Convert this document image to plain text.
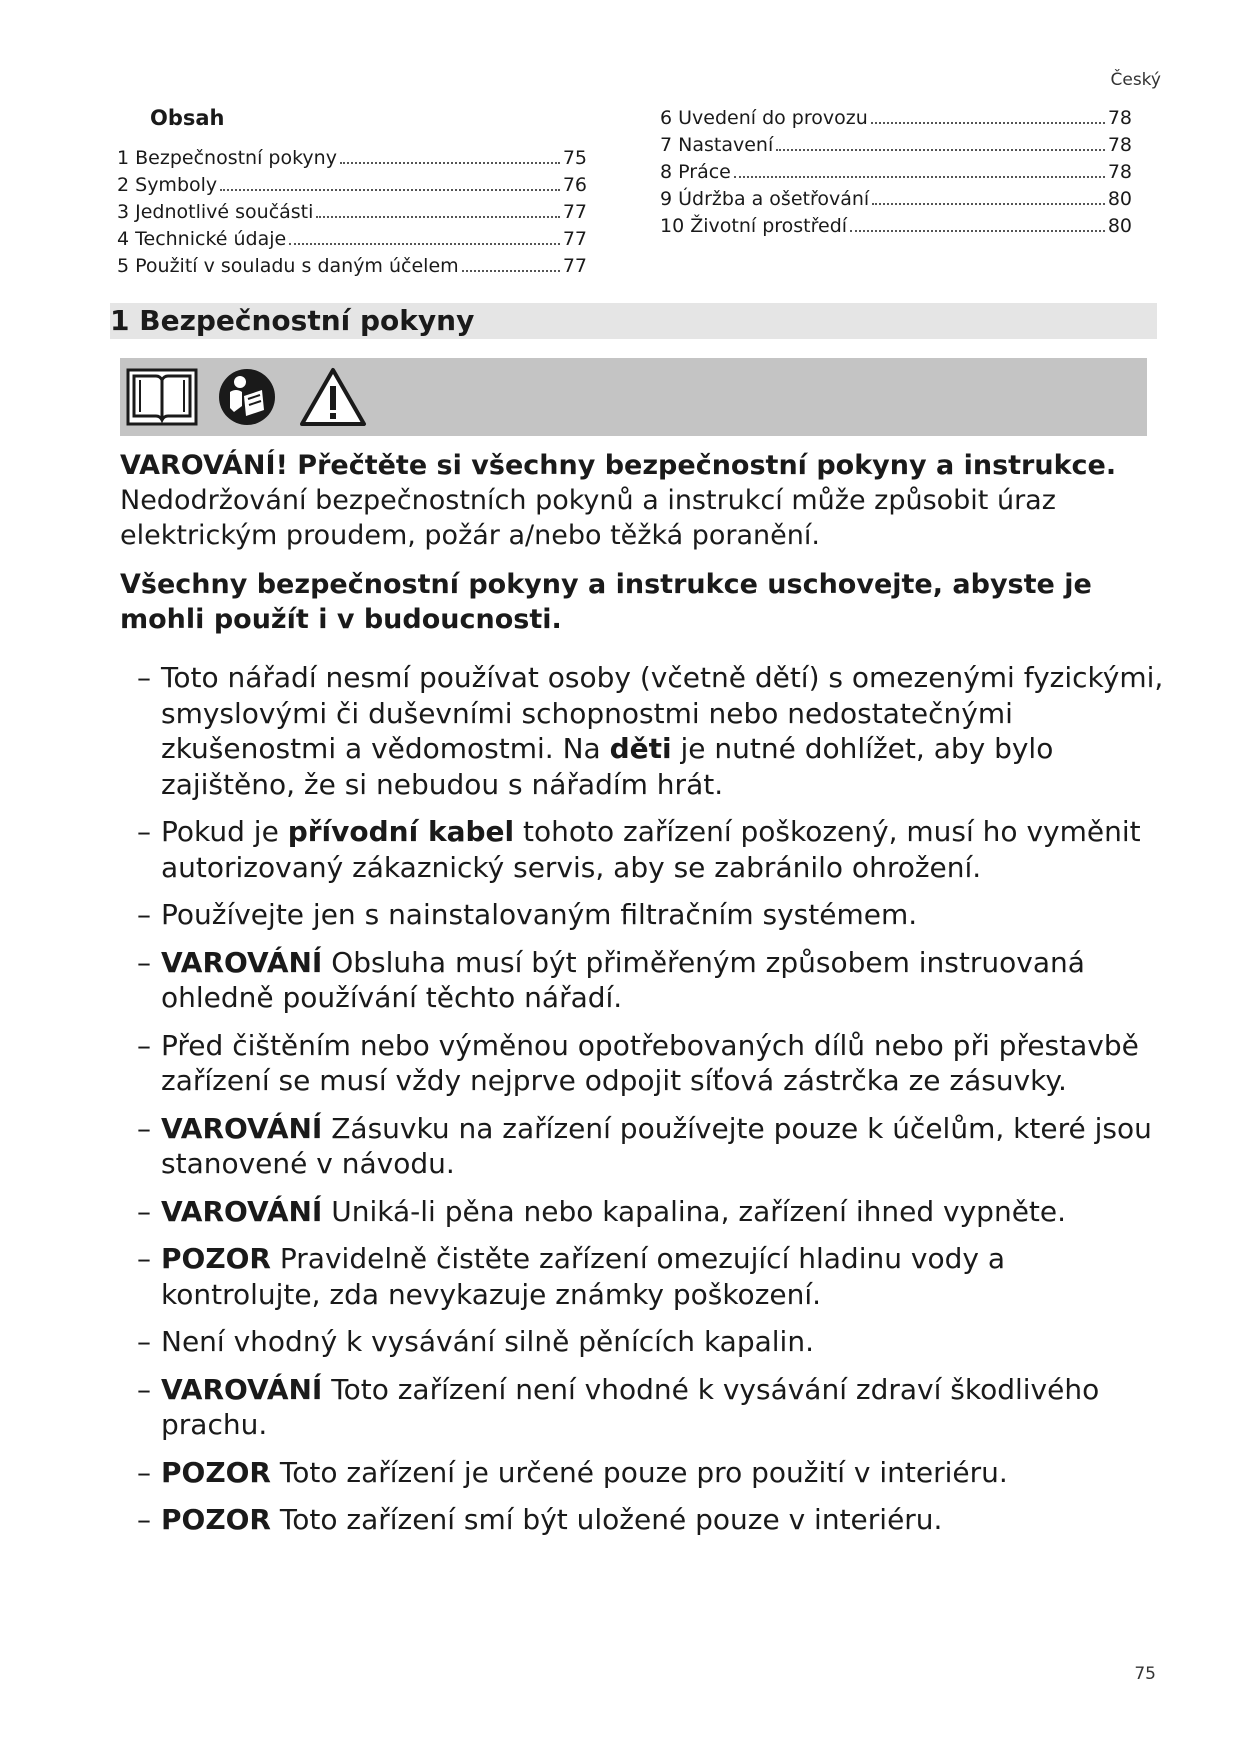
Český
Obsah
1 Bezpečnostní pokyny	75
2 Symboly	76
3 Jednotlivé součásti	77
4 Technické údaje	77
5 Použití v souladu s daným účelem	77
6 Uvedení do provozu	78
7 Nastavení	78
8 Práce	78
9 Údržba a ošetřování	80
10 Životní prostředí	80
1 Bezpečnostní pokyny

VAROVÁNÍ! Přečtěte si všechny bezpečnostní pokyny a instrukce. Nedodržování bezpečnostních pokynů a instrukcí může způsobit úraz elektrickým proudem, požár a/nebo těžká poranění.

Všechny bezpečnostní pokyny a instrukce uschovejte, abyste je mohli použít i v budoucnosti.

– Toto nářadí nesmí používat osoby (včetně dětí) s omezenými fyzickými, smyslovými či duševními schopnostmi nebo nedostatečnými zkušenostmi a vědomostmi. Na děti je nutné dohlížet, aby bylo zajištěno, že si nebudou s nářadím hrát.
– Pokud je přívodní kabel tohoto zařízení poškozený, musí ho vyměnit autorizovaný zákaznický servis, aby se zabránilo ohrožení.
– Používejte jen s nainstalovaným filtračním systémem.
– VAROVÁNÍ Obsluha musí být přiměřeným způsobem instruovaná ohledně používání těchto nářadí.
– Před čištěním nebo výměnou opotřebovaných dílů nebo při přestavbě zařízení se musí vždy nejprve odpojit síťová zástrčka ze zásuvky.
– VAROVÁNÍ Zásuvku na zařízení používejte pouze k účelům, které jsou stanovené v návodu.
– VAROVÁNÍ Uniká-li pěna nebo kapalina, zařízení ihned vypněte.
– POZOR Pravidelně čistěte zařízení omezující hladinu vody a kontrolujte, zda nevykazuje známky poškození.
– Není vhodný k vysávání silně pěnících kapalin.
– VAROVÁNÍ Toto zařízení není vhodné k vysávání zdraví škodlivého prachu.
– POZOR Toto zařízení je určené pouze pro použití v interiéru.
– POZOR Toto zařízení smí být uložené pouze v interiéru.
75
